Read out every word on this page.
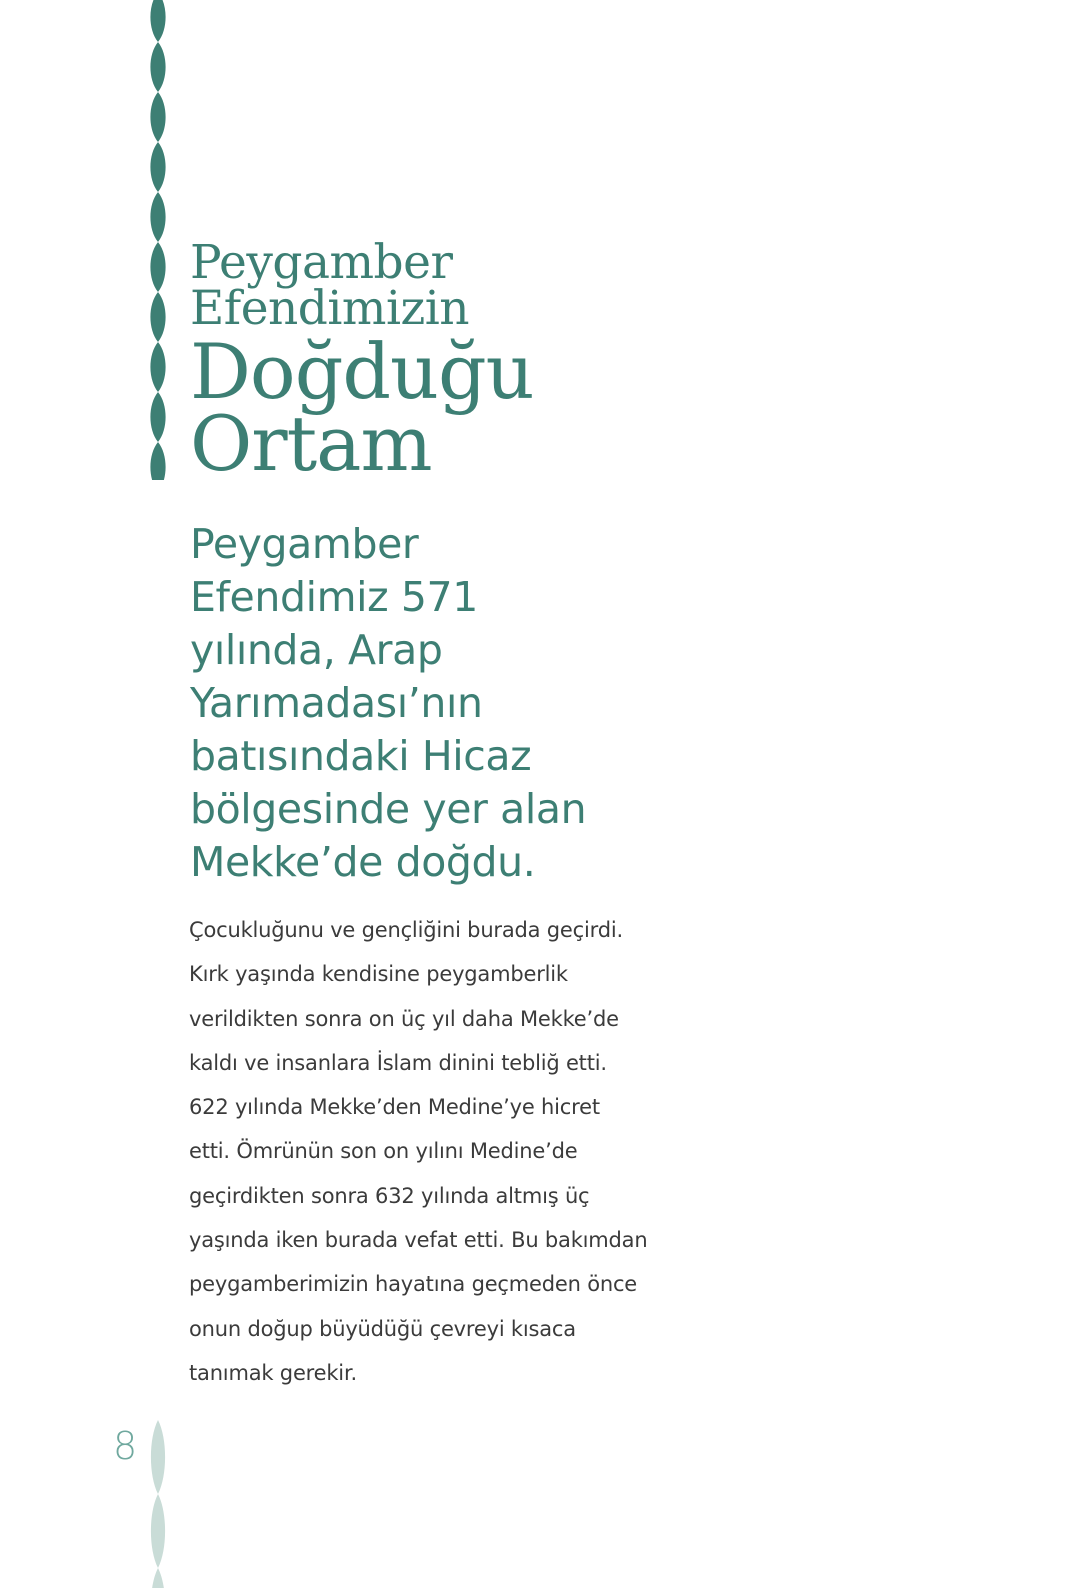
Peygamber
Efendimizin
Doğduğu
Ortam

Peygamber
Efendimiz 571
yılında, Arap
Yarımadası’nın
batısındaki Hicaz
bölgesinde yer alan
Mekke’de doğdu.

Çocukluğunu ve gençliğini burada geçirdi.
Kırk yaşında kendisine peygamberlik
verildikten sonra on üç yıl daha Mekke’de
kaldı ve insanlara İslam dinini tebliğ etti.
622 yılında Mekke’den Medine’ye hicret
etti. Ömrünün son on yılını Medine’de
geçirdikten sonra 632 yılında altmış üç
yaşında iken burada vefat etti. Bu bakımdan
peygamberimizin hayatına geçmeden önce
onun doğup büyüdüğü çevreyi kısaca
tanımak gerekir.

8
